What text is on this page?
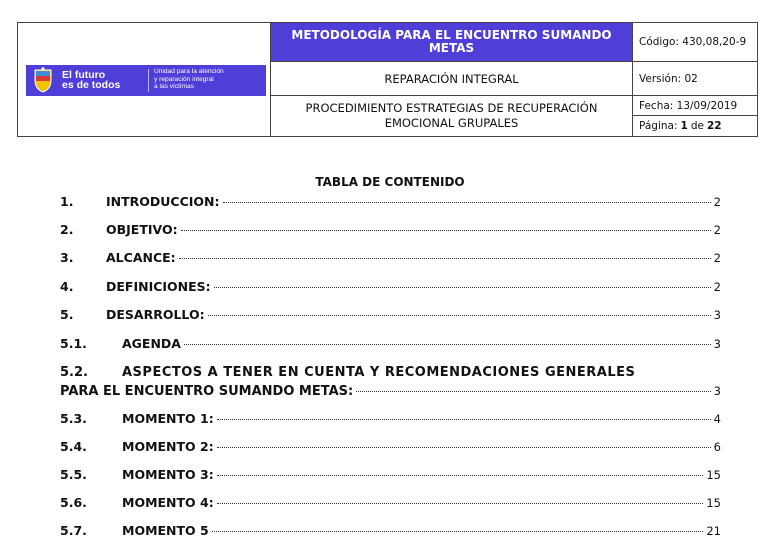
El futuro
es de todos
Unidad para la atención
y reparación integral
a las víctimas
METODOLOGÍA PARA EL ENCUENTRO SUMANDO METAS
REPARACIÓN INTEGRAL
PROCEDIMIENTO ESTRATEGIAS DE RECUPERACIÓN EMOCIONAL GRUPALES
Código: 430,08,20-9
Versión: 02
Fecha: 13/09/2019
Página: 1 de 22
TABLA DE CONTENIDO
1.	INTRODUCCION:	2
2.	OBJETIVO:	2
3.	ALCANCE:	2
4.	DEFINICIONES:	2
5.	DESARROLLO:	3
5.1.	AGENDA	3
5.2.	ASPECTOS A TENER EN CUENTA Y RECOMENDACIONES GENERALES
PARA EL ENCUENTRO SUMANDO METAS:	3
5.3.	MOMENTO 1:	4
5.4.	MOMENTO 2:	6
5.5.	MOMENTO 3:	15
5.6.	MOMENTO 4:	15
5.7.	MOMENTO 5	21
